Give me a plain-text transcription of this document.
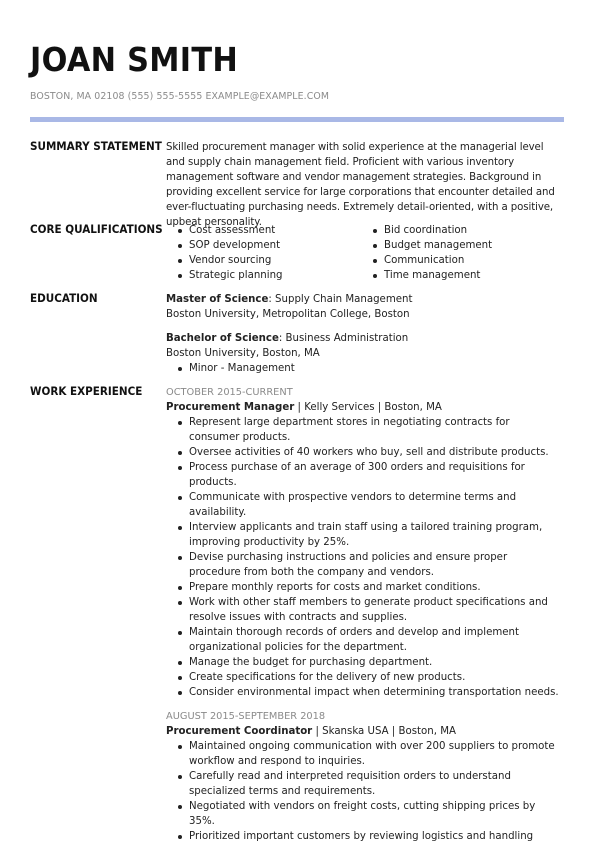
JOAN SMITH
BOSTON, MA 02108 (555) 555-5555 EXAMPLE@EXAMPLE.COM
SUMMARY STATEMENT Skilled procurement manager with solid experience at the managerial level and supply chain management field. Proficient with various inventory management software and vendor management strategies. Background in providing excellent service for large corporations that encounter detailed and ever-fluctuating purchasing needs. Extremely detail-oriented, with a positive, upbeat personality.

CORE QUALIFICATIONS	Cost assessment
SOP development
Vendor sourcing
Strategic planning
Bid coordination
Budget management
Communication
Time management
EDUCATION	Master of Science: Supply Chain Management

Boston University, Metropolitan College, Boston

Bachelor of Science: Business Administration

Boston University, Boston, MA

Minor - Management
WORK EXPERIENCE	OCTOBER 2015-CURRENT
Procurement Manager | Kelly Services | Boston, MA
Represent large department stores in negotiating contracts for consumer products.
Oversee activities of 40 workers who buy, sell and distribute products.
Process purchase of an average of 300 orders and requisitions for products.
Communicate with prospective vendors to determine terms and availability.
Interview applicants and train staff using a tailored training program, improving productivity by 25%.
Devise purchasing instructions and policies and ensure proper procedure from both the company and vendors.
Prepare monthly reports for costs and market conditions.
Work with other staff members to generate product specifications and resolve issues with contracts and supplies.
Maintain thorough records of orders and develop and implement organizational policies for the department.
Manage the budget for purchasing department.
Create specifications for the delivery of new products.
Consider environmental impact when determining transportation needs.
AUGUST 2015-SEPTEMBER 2018
Procurement Coordinator | Skanska USA | Boston, MA
Maintained ongoing communication with over 200 suppliers to promote workflow and respond to inquiries.
Carefully read and interpreted requisition orders to understand specialized terms and requirements.
Negotiated with vendors on freight costs, cutting shipping prices by 35%.
Prioritized important customers by reviewing logistics and handling
